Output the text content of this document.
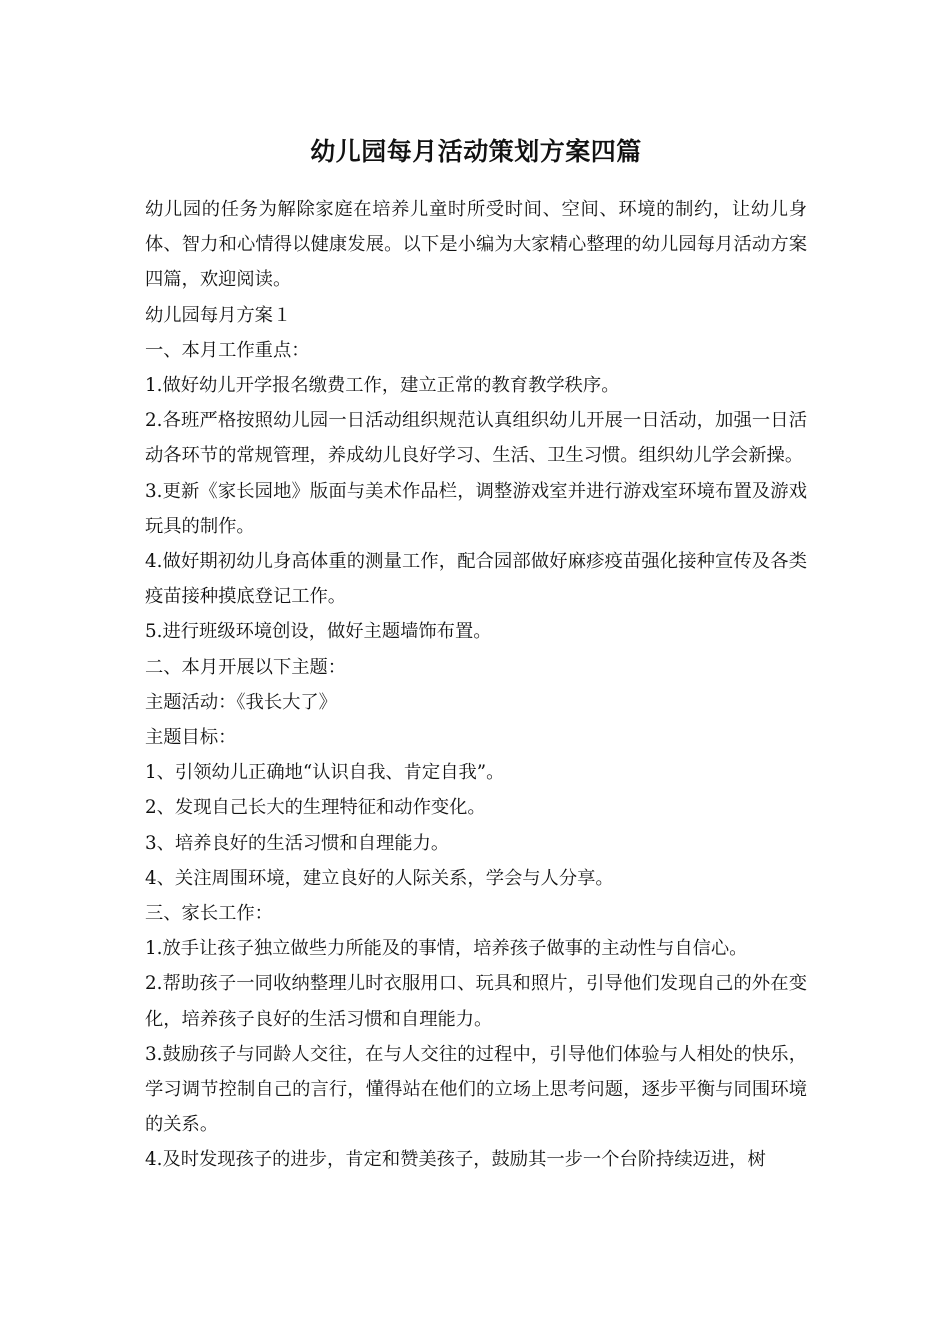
幼儿园每月活动策划方案四篇

幼儿园的任务为解除家庭在培养儿童时所受时间、空间、环境的制约，让幼儿身体、智力和心情得以健康发展。以下是小编为大家精心整理的幼儿园每月活动方案四篇，欢迎阅读。

幼儿园每月方案１

一、本月工作重点：

1.做好幼儿开学报名缴费工作，建立正常的教育教学秩序。

2.各班严格按照幼儿园一日活动组织规范认真组织幼儿开展一日活动，加强一日活动各环节的常规管理，养成幼儿良好学习、生活、卫生习惯。组织幼儿学会新操。

3.更新《家长园地》版面与美术作品栏，调整游戏室并进行游戏室环境布置及游戏玩具的制作。

4.做好期初幼儿身高体重的测量工作，配合园部做好麻疹疫苗强化接种宣传及各类疫苗接种摸底登记工作。

5.进行班级环境创设，做好主题墙饰布置。

二、本月开展以下主题：

主题活动：《我长大了》

主题目标：

1、引领幼儿正确地“认识自我、肯定自我”。

2、发现自己长大的生理特征和动作变化。

3、培养良好的生活习惯和自理能力。

4、关注周围环境，建立良好的人际关系，学会与人分享。

三、家长工作：

1.放手让孩子独立做些力所能及的事情，培养孩子做事的主动性与自信心。

2.帮助孩子一同收纳整理儿时衣服用口、玩具和照片，引导他们发现自己的外在变化，培养孩子良好的生活习惯和自理能力。

3.鼓励孩子与同龄人交往，在与人交往的过程中，引导他们体验与人相处的快乐，学习调节控制自己的言行，懂得站在他们的立场上思考问题，逐步平衡与同围环境的关系。

4.及时发现孩子的进步，肯定和赞美孩子，鼓励其一步一个台阶持续迈进，树
